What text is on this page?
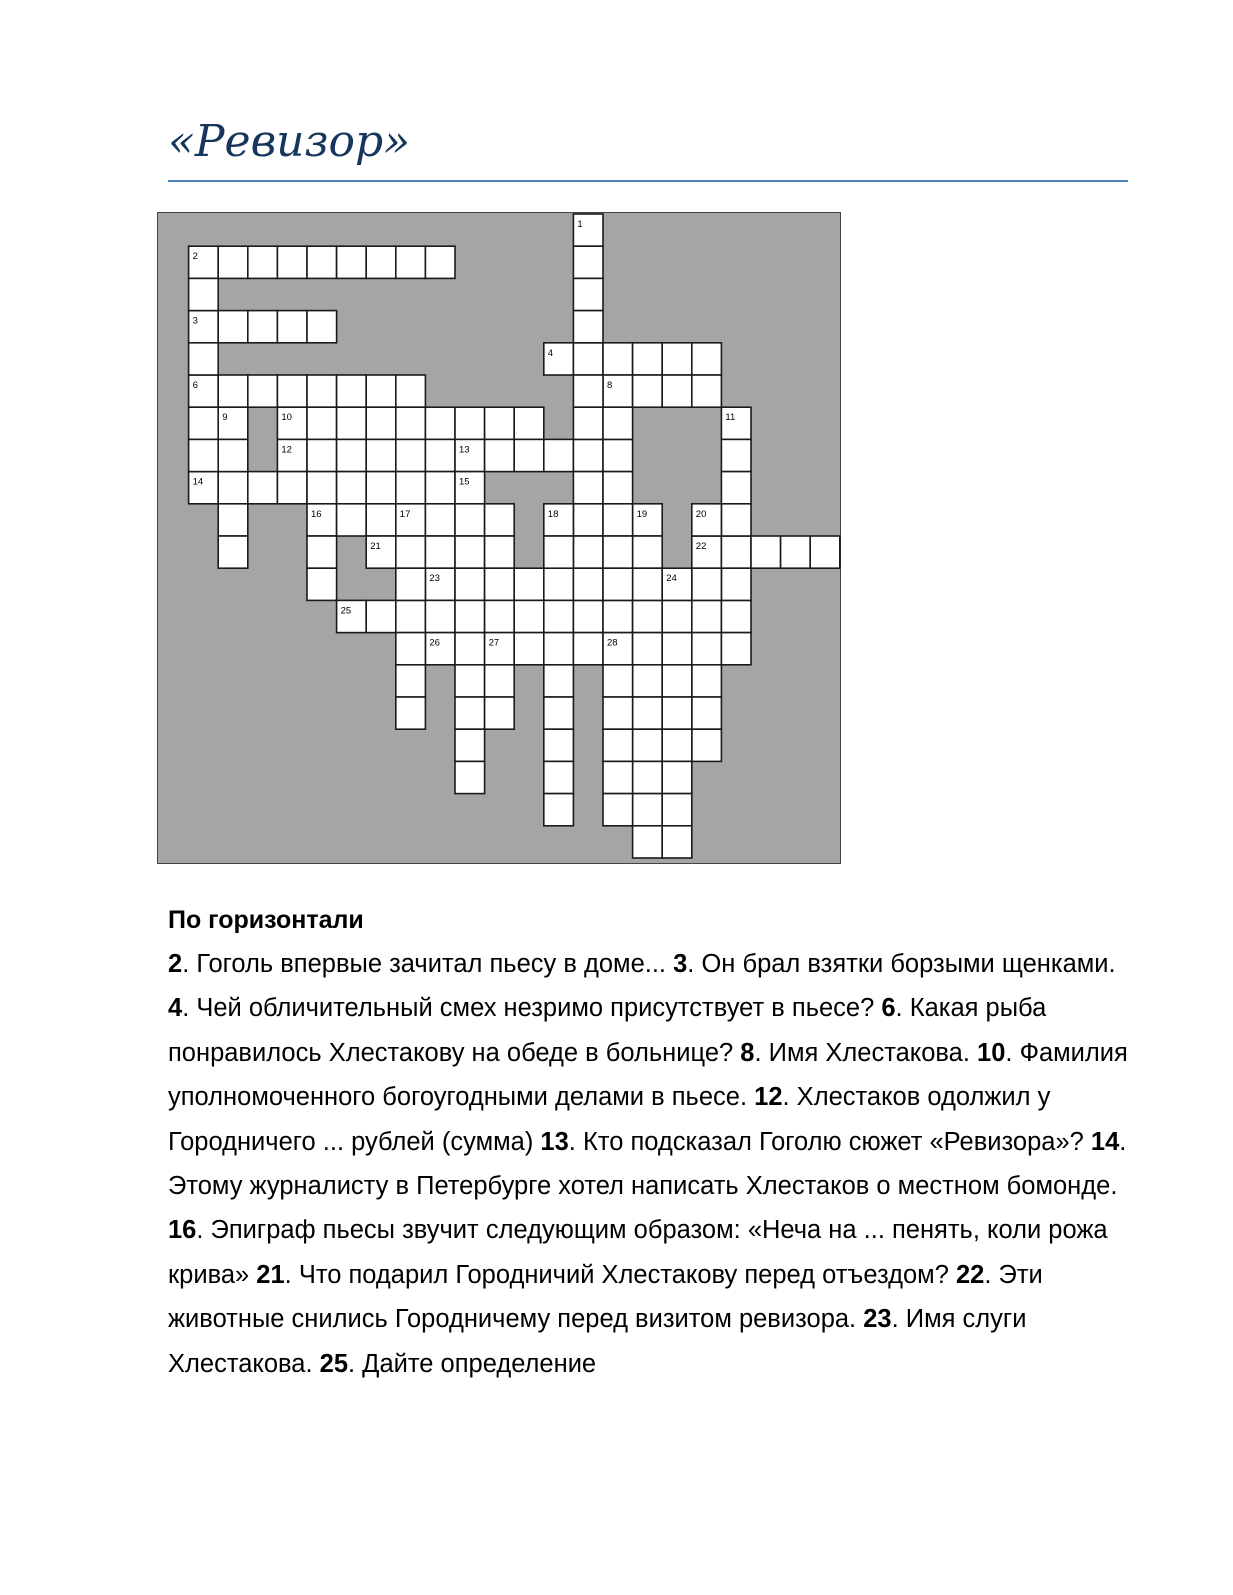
«Ревизор»
2
3
4
6	8
10
12	13
14
16
21	22
23
25
26	27	28
1
9	11
15
17	18	19	20
24
По горизонтали

2. Гоголь впервые зачитал пьесу в доме... 3. Он брал взятки борзыми щенками. 4. Чей обличительный смех незримо присутствует в пьесе? 6. Какая рыба понравилось Хлестакову на обеде в больнице? 8. Имя Хлестакова. 10. Фамилия уполномоченного богоугодными делами в пьесе. 12. Хлестаков одолжил у Городничего ... рублей (сумма) 13. Кто подсказал Гоголю сюжет «Ревизора»? 14. Этому журналисту в Петербурге хотел написать Хлестаков о местном бомонде. 16. Эпиграф пьесы звучит следующим образом: «Неча на ... пенять, коли рожа крива» 21. Что подарил Городничий Хлестакову перед отъездом? 22. Эти животные снились Городничему перед визитом ревизора. 23. Имя слуги Хлестакова. 25. Дайте определение
